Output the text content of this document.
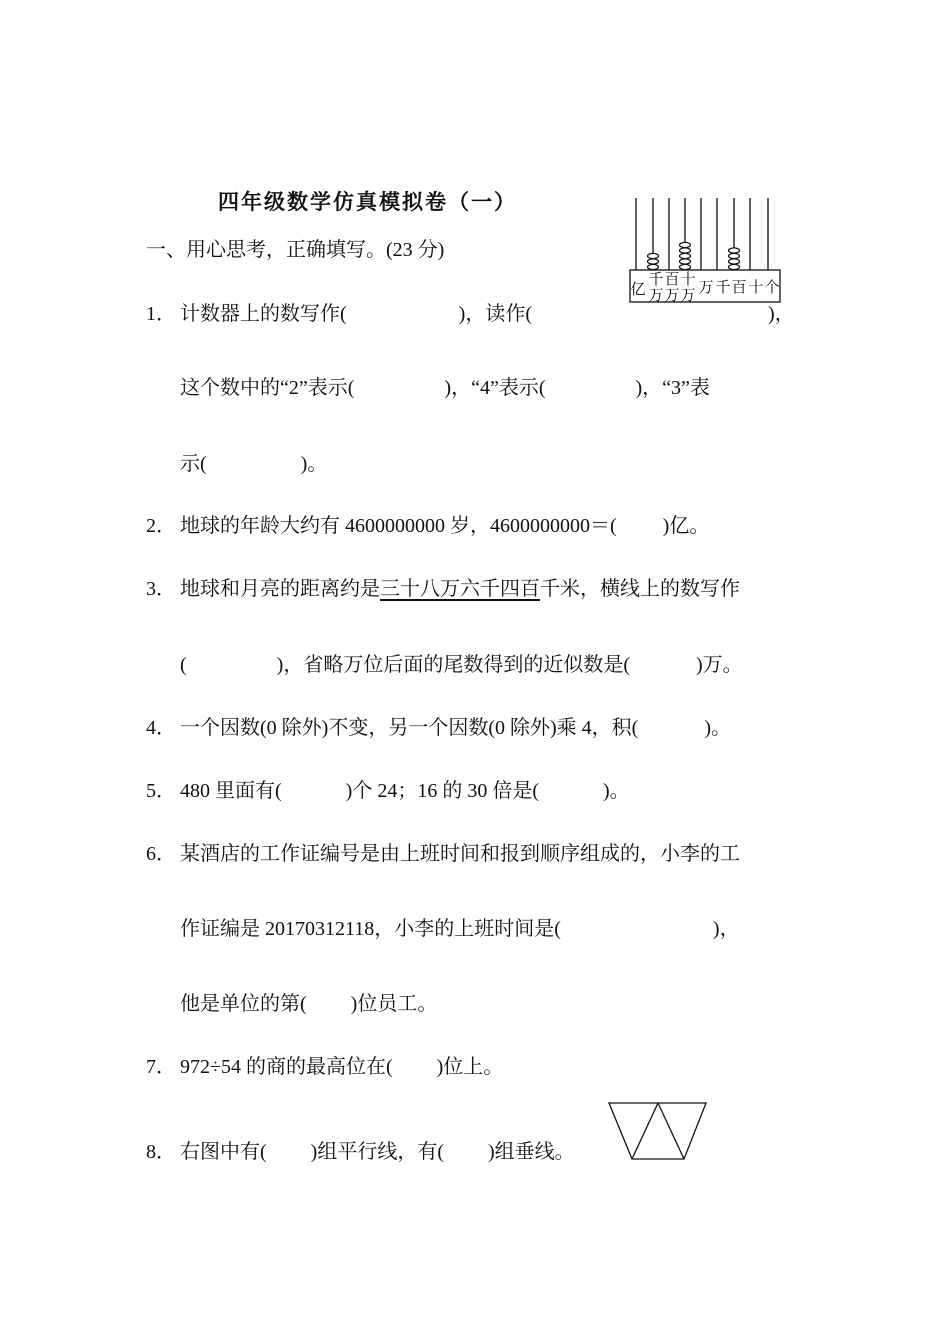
四年级数学仿真模拟卷（一）
亿
千
万
百
万
十
万 万 千 百 十 个
一、用心思考，正确填写。(23 分)
1． 计数器上的数写作(	)，读作(	)，
这个数中的“2”表示(	)，“4”表示(	)，“3”表
示(	)。
2． 地球的年龄大约有 4600000000 岁，4600000000＝( )亿。
3． 地球和月亮的距离约是三十八万六千四百千米，横线上的数写作
(	)，省略万位后面的尾数得到的近似数是(	)万。
4． 一个因数(0 除外)不变，另一个因数(0 除外)乘 4，积(	)。
5． 480 里面有(	)个 24；16 的 30 倍是(	)。
6． 某酒店的工作证编号是由上班时间和报到顺序组成的，小李的工
作证编是 20170312118，小李的上班时间是(	)，
他是单位的第( )位员工。
7． 972÷54 的商的最高位在( )位上。
8． 右图中有( )组平行线，有( )组垂线。
